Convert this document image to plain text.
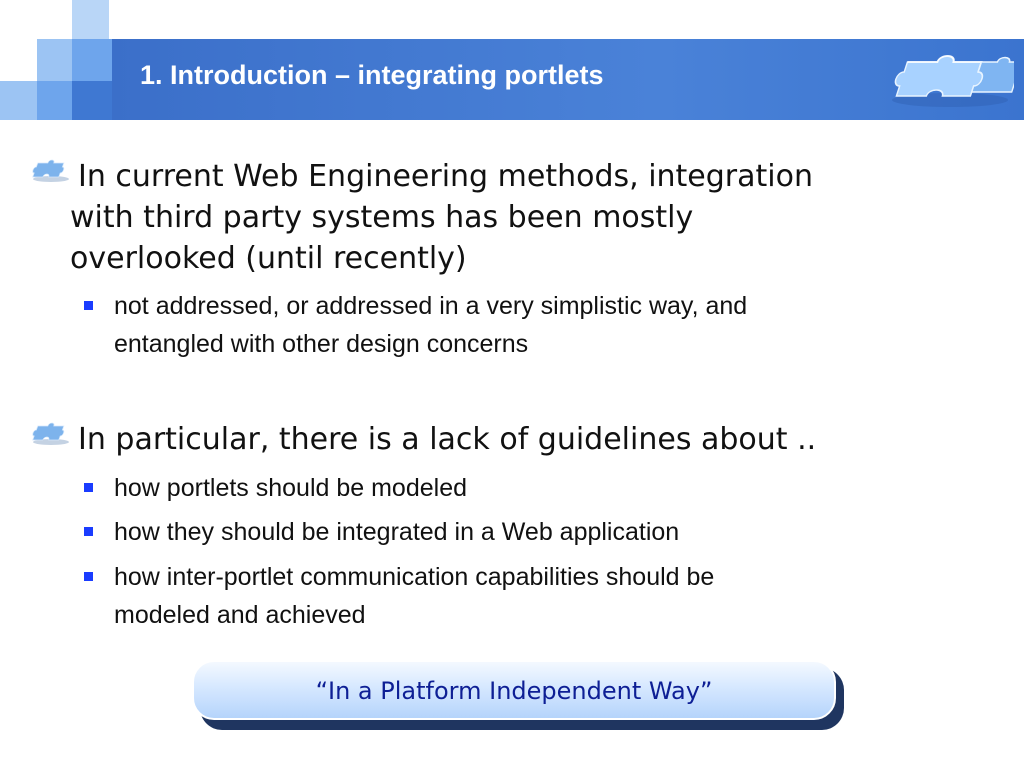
1. Introduction – integrating portlets
In current Web Engineering methods, integration
with third party systems has been mostly
overlooked (until recently)
not addressed, or addressed in a very simplistic way, and
entangled with other design concerns
In particular, there is a lack of guidelines about ..
how portlets should be modeled
how they should be integrated in a Web application
how inter-portlet communication capabilities should be
modeled and achieved
“In a Platform Independent Way”
